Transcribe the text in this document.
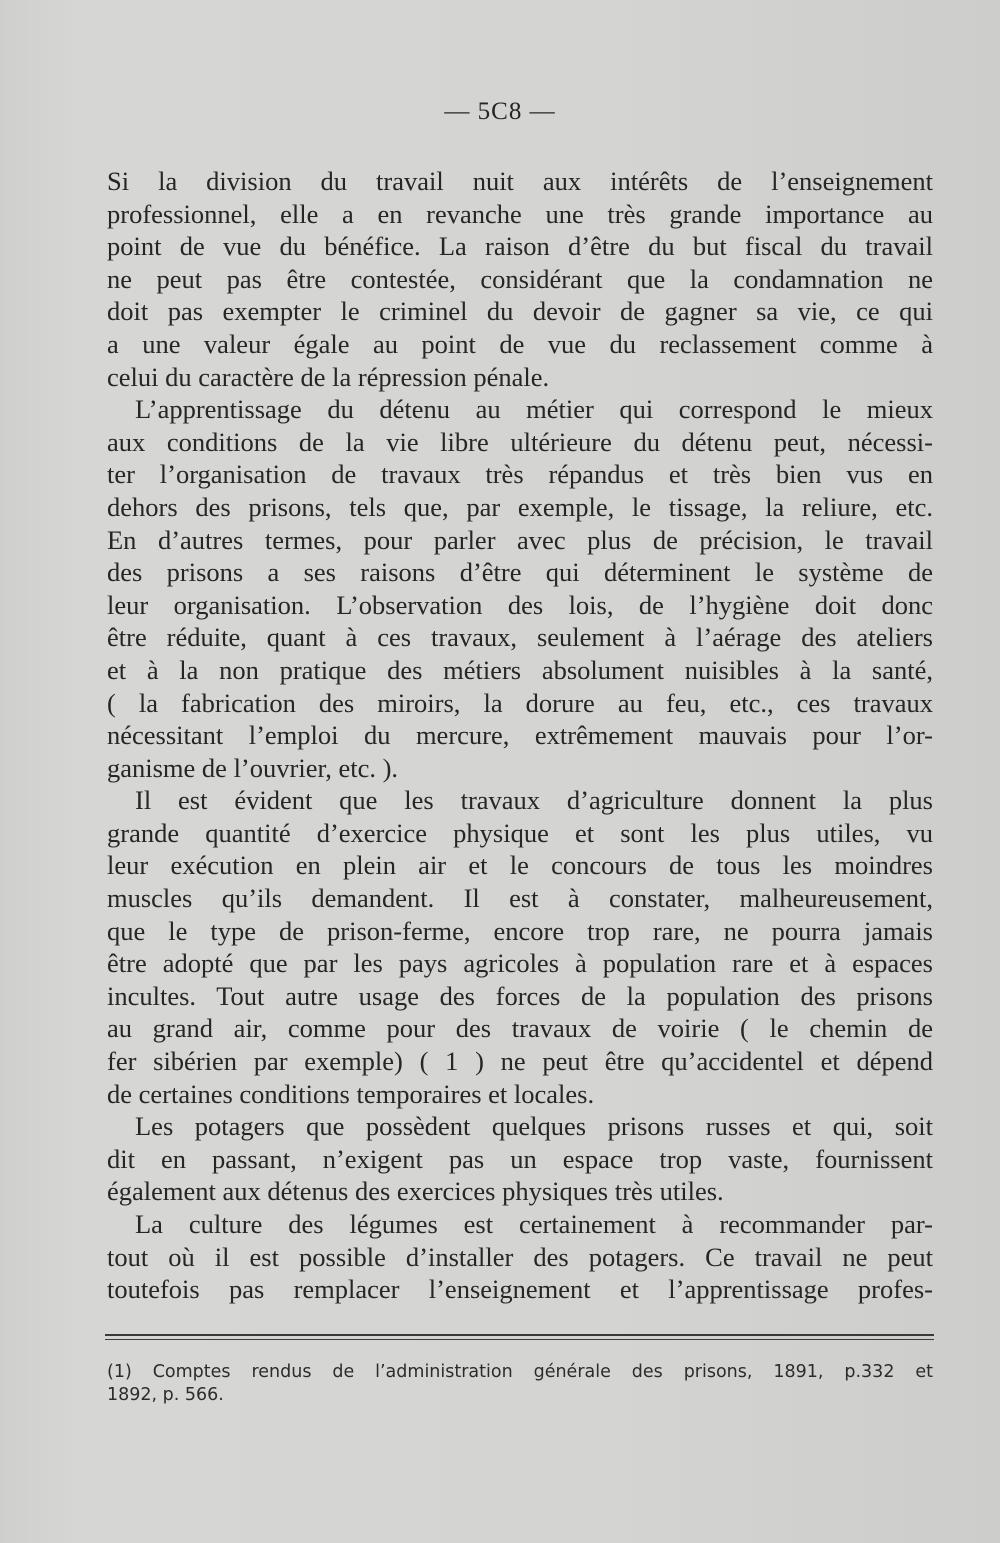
— 5C8 —
Si la division du travail nuit aux intérêts de l’enseignement
professionnel, elle a en revanche une très grande importance au
point de vue du bénéfice. La raison d’être du but fiscal du travail
ne peut pas être contestée, considérant que la condamnation ne
doit pas exempter le criminel du devoir de gagner sa vie, ce qui
a une valeur égale au point de vue du reclassement comme à
celui du caractère de la répression pénale.
L’apprentissage du détenu au métier qui correspond le mieux
aux conditions de la vie libre ultérieure du détenu peut, nécessi-
ter l’organisation de travaux très répandus et très bien vus en
dehors des prisons, tels que, par exemple, le tissage, la reliure, etc.
En d’autres termes, pour parler avec plus de précision, le travail
des prisons a ses raisons d’être qui déterminent le système de
leur organisation. L’observation des lois, de l’hygiène doit donc
être réduite, quant à ces travaux, seulement à l’aérage des ateliers
et à la non pratique des métiers absolument nuisibles à la santé,
( la fabrication des miroirs, la dorure au feu, etc., ces travaux
nécessitant l’emploi du mercure, extrêmement mauvais pour l’or-
ganisme de l’ouvrier, etc. ).
Il est évident que les travaux d’agriculture donnent la plus
grande quantité d’exercice physique et sont les plus utiles, vu
leur exécution en plein air et le concours de tous les moindres
muscles qu’ils demandent. Il est à constater, malheureusement,
que le type de prison-ferme, encore trop rare, ne pourra jamais
être adopté que par les pays agricoles à population rare et à espaces
incultes. Tout autre usage des forces de la population des prisons
au grand air, comme pour des travaux de voirie ( le chemin de
fer sibérien par exemple) ( 1 ) ne peut être qu’accidentel et dépend
de certaines conditions temporaires et locales.
Les potagers que possèdent quelques prisons russes et qui, soit
dit en passant, n’exigent pas un espace trop vaste, fournissent
également aux détenus des exercices physiques très utiles.
La culture des légumes est certainement à recommander par-
tout où il est possible d’installer des potagers. Ce travail ne peut
toutefois pas remplacer l’enseignement et l’apprentissage profes-
(1) Comptes rendus de l’administration générale des prisons, 1891, p.332 et
1892, p. 566.
